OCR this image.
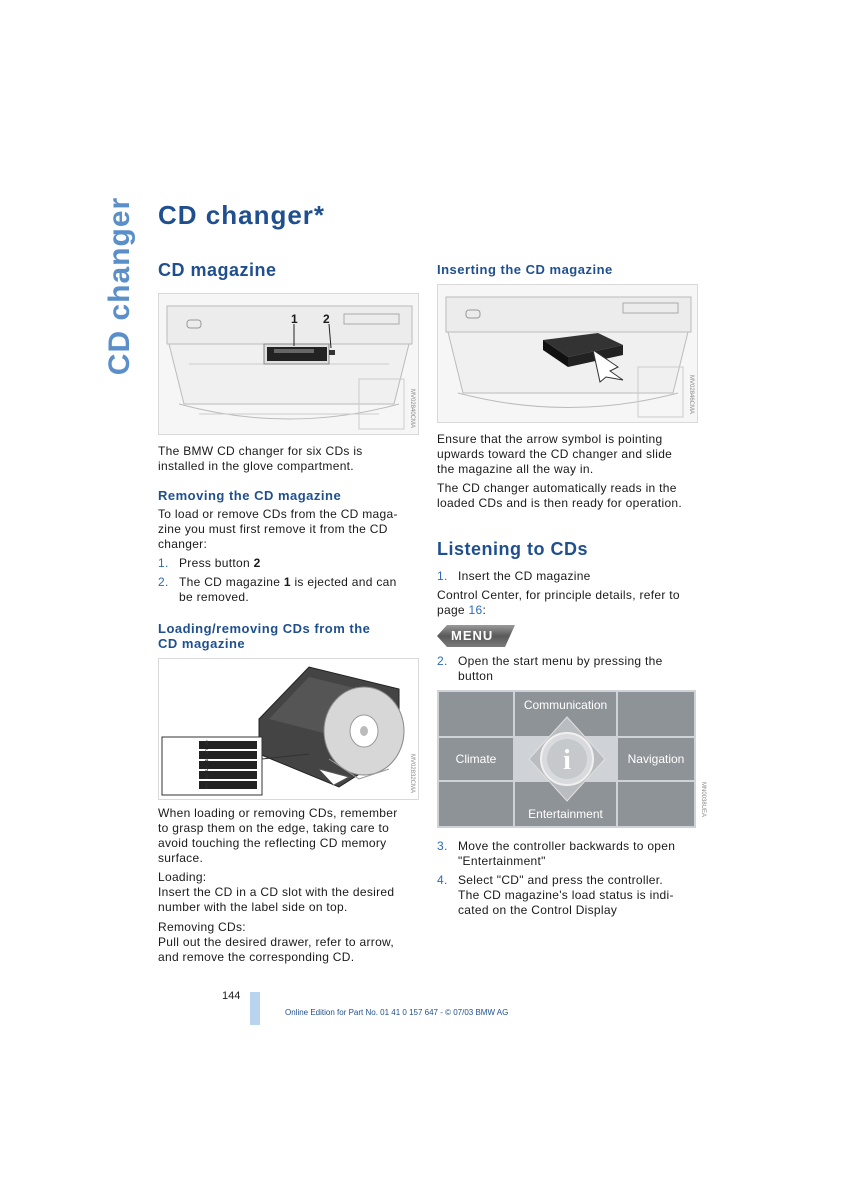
CD changer CD changer*
CD magazine
1 2
MV02840CMA
The BMW CD changer for six CDs is
installed in the glove compartment.
Removing the CD magazine
To load or remove CDs from the CD maga-
zine you must first remove it from the CD
changer:
1. Press button 2
2. The CD magazine 1 is ejected and can
be removed.
Loading/removing CDs from the
CD magazine
6
5
4
3
2
1	MV02832CMA
When loading or removing CDs, remember
to grasp them on the edge, taking care to
avoid touching the reflecting CD memory
surface.
Loading:
Insert the CD in a CD slot with the desired
number with the label side on top.
Removing CDs:
Pull out the desired drawer, refer to arrow,
and remove the corresponding CD.
Inserting the CD magazine
MV02846CMA
Ensure that the arrow symbol is pointing
upwards toward the CD changer and slide
the magazine all the way in.
The CD changer automatically reads in the
loaded CDs and is then ready for operation.
Listening to CDs
1. Insert the CD magazine
Control Center, for principle details, refer to
page 16:
MENU
2. Open the start menu by pressing the
button
Communication
Climate	Navigation
Entertainment
i
MN0038UEA
3. Move the controller backwards to open
"Entertainment"
4. Select "CD" and press the controller.
The CD magazine's load status is indi-
cated on the Control Display
144
Online Edition for Part No. 01 41 0 157 647 - © 07/03 BMW AG
